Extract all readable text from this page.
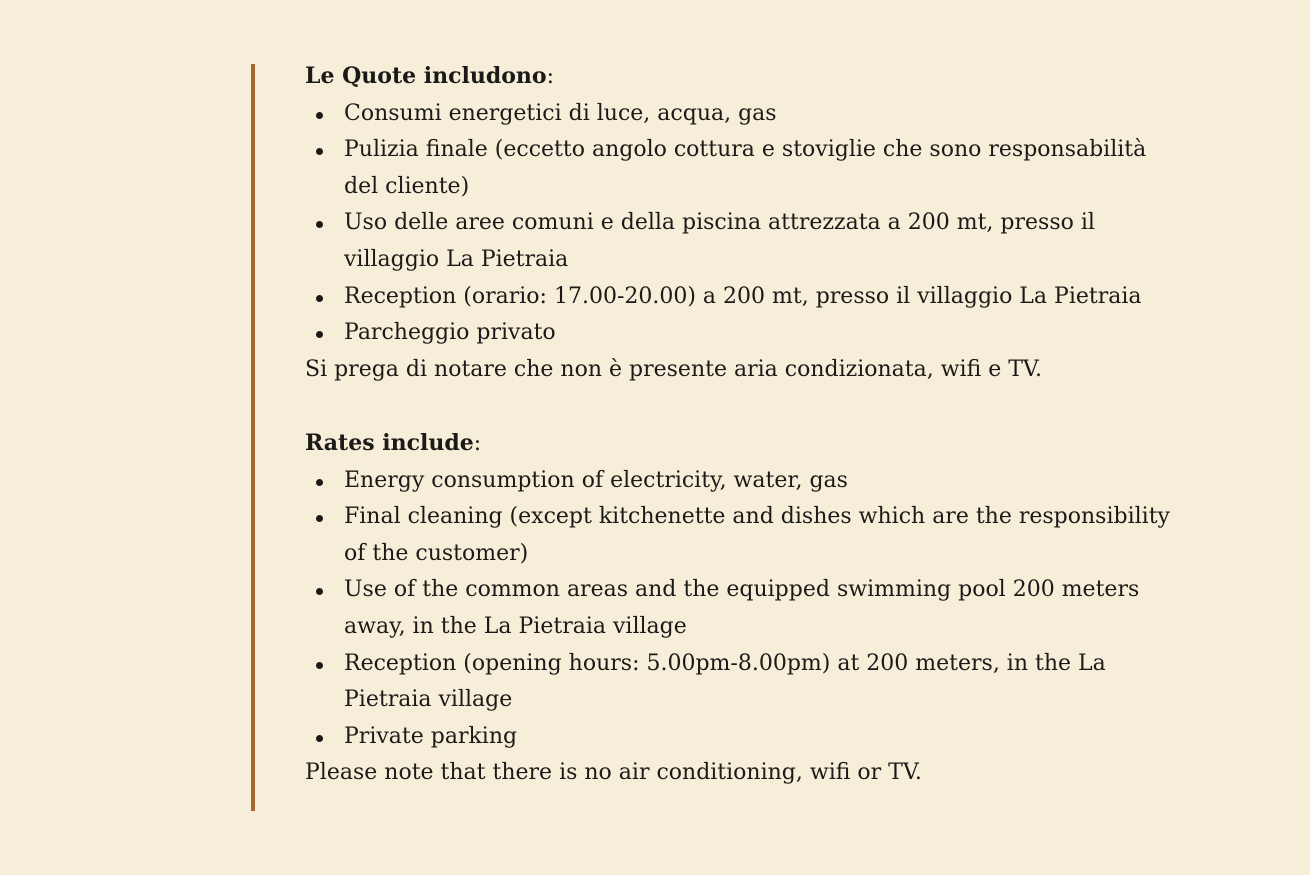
Le Quote includono:

Consumi energetici di luce, acqua, gas
Pulizia finale (eccetto angolo cottura e stoviglie che sono responsabilità del cliente)
Uso delle aree comuni e della piscina attrezzata a 200 mt, presso il villaggio La Pietraia
Reception (orario: 17.00-20.00) a 200 mt, presso il villaggio La Pietraia
Parcheggio privato

Si prega di notare che non è presente aria condizionata, wifi e TV.

Rates include:

Energy consumption of electricity, water, gas
Final cleaning (except kitchenette and dishes which are the responsibility of the customer)
Use of the common areas and the equipped swimming pool 200 meters away, in the La Pietraia village
Reception (opening hours: 5.00pm-8.00pm) at 200 meters, in the La Pietraia village
Private parking

Please note that there is no air conditioning, wifi or TV.
